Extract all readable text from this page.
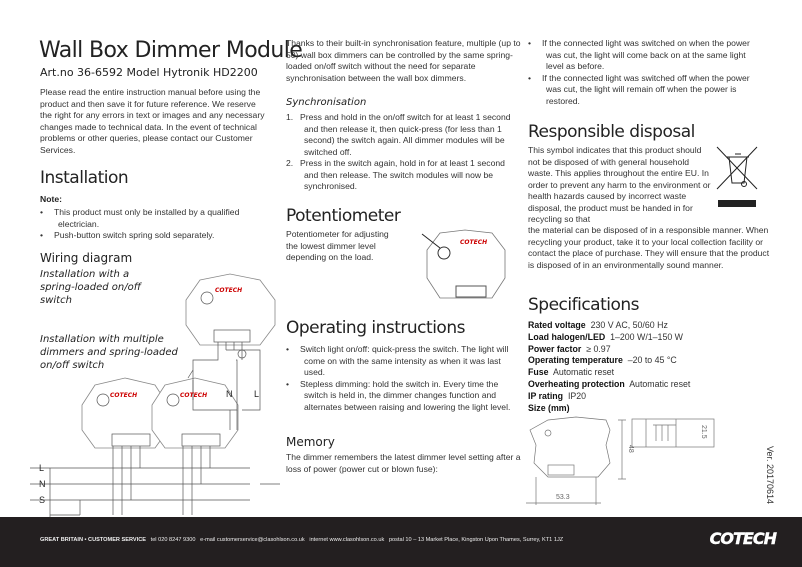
Wall Box Dimmer Module
Art.no 36-6592 Model Hytronik HD2200
Please read the entire instruction manual before using the product and then save it for future reference. We reserve the right for any errors in text or images and any necessary changes made to technical data. In the event of technical problems or other queries, please contact our Customer Services.
Installation
Note:
• This product must only be installed by a qualified electrician.
• Push-button switch spring sold separately.
Wiring diagram
Installation with a spring-loaded on/off switch
Installation with multiple dimmers and spring-loaded on/off switch
COTECH
COTECH	COTECH N L
L
N
S
Thanks to their built-in synchronisation feature, multiple (up to 50) wall box dimmers can be controlled by the same spring-loaded on/off switch without the need for separate synchronisation between the wall box dimmers.
Synchronisation
1. Press and hold in the on/off switch for at least 1 second and then release it, then quick-press (for less than 1 second) the switch again. All dimmer modules will be switched off.
2. Press in the switch again, hold in for at least 1 second and then release. The switch modules will now be synchronised.
Potentiometer
Potentiometer for adjusting the lowest dimmer level depending on the load.
COTECH
Operating instructions
• Switch light on/off: quick-press the switch. The light will come on with the same intensity as when it was last used.
• Stepless dimming: hold the switch in. Every time the switch is held in, the dimmer changes function and alternates between raising and lowering the light level.
Memory
The dimmer remembers the latest dimmer level setting after a loss of power (power cut or blown fuse):
• If the connected light was switched on when the power was cut, the light will come back on at the same light level as before.
• If the connected light was switched off when the power was cut, the light will remain off when the power is restored.
Responsible disposal
This symbol indicates that this product should not be disposed of with general household waste. This applies throughout the entire EU. In order to prevent any harm to the environment or health hazards caused by incorrect waste disposal, the product must be handed in for recycling so that
the material can be disposed of in a responsible manner. When recycling your product, take it to your local collection facility or contact the place of purchase. They will ensure that the product is disposed of in an environmentally sound manner.
Specifications
Rated voltage 230 V AC, 50/60 Hz
Load halogen/LED 1–200 W/1–150 W
Power factor ≥ 0.97
Operating temperature –20 to 45 °C
Fuse Automatic reset
Overheating protection Automatic reset
IP rating IP20
Size (mm)
53.3
48
21.5
Ver. 20170614
GREAT BRITAIN • CUSTOMER SERVICE tel 020 8247 9300 e-mail customerservice@clasohlson.co.uk internet www.clasohlson.co.uk postal 10 – 13 Market Place, Kingston Upon Thames, Surrey, KT1 1JZ	COTECH
